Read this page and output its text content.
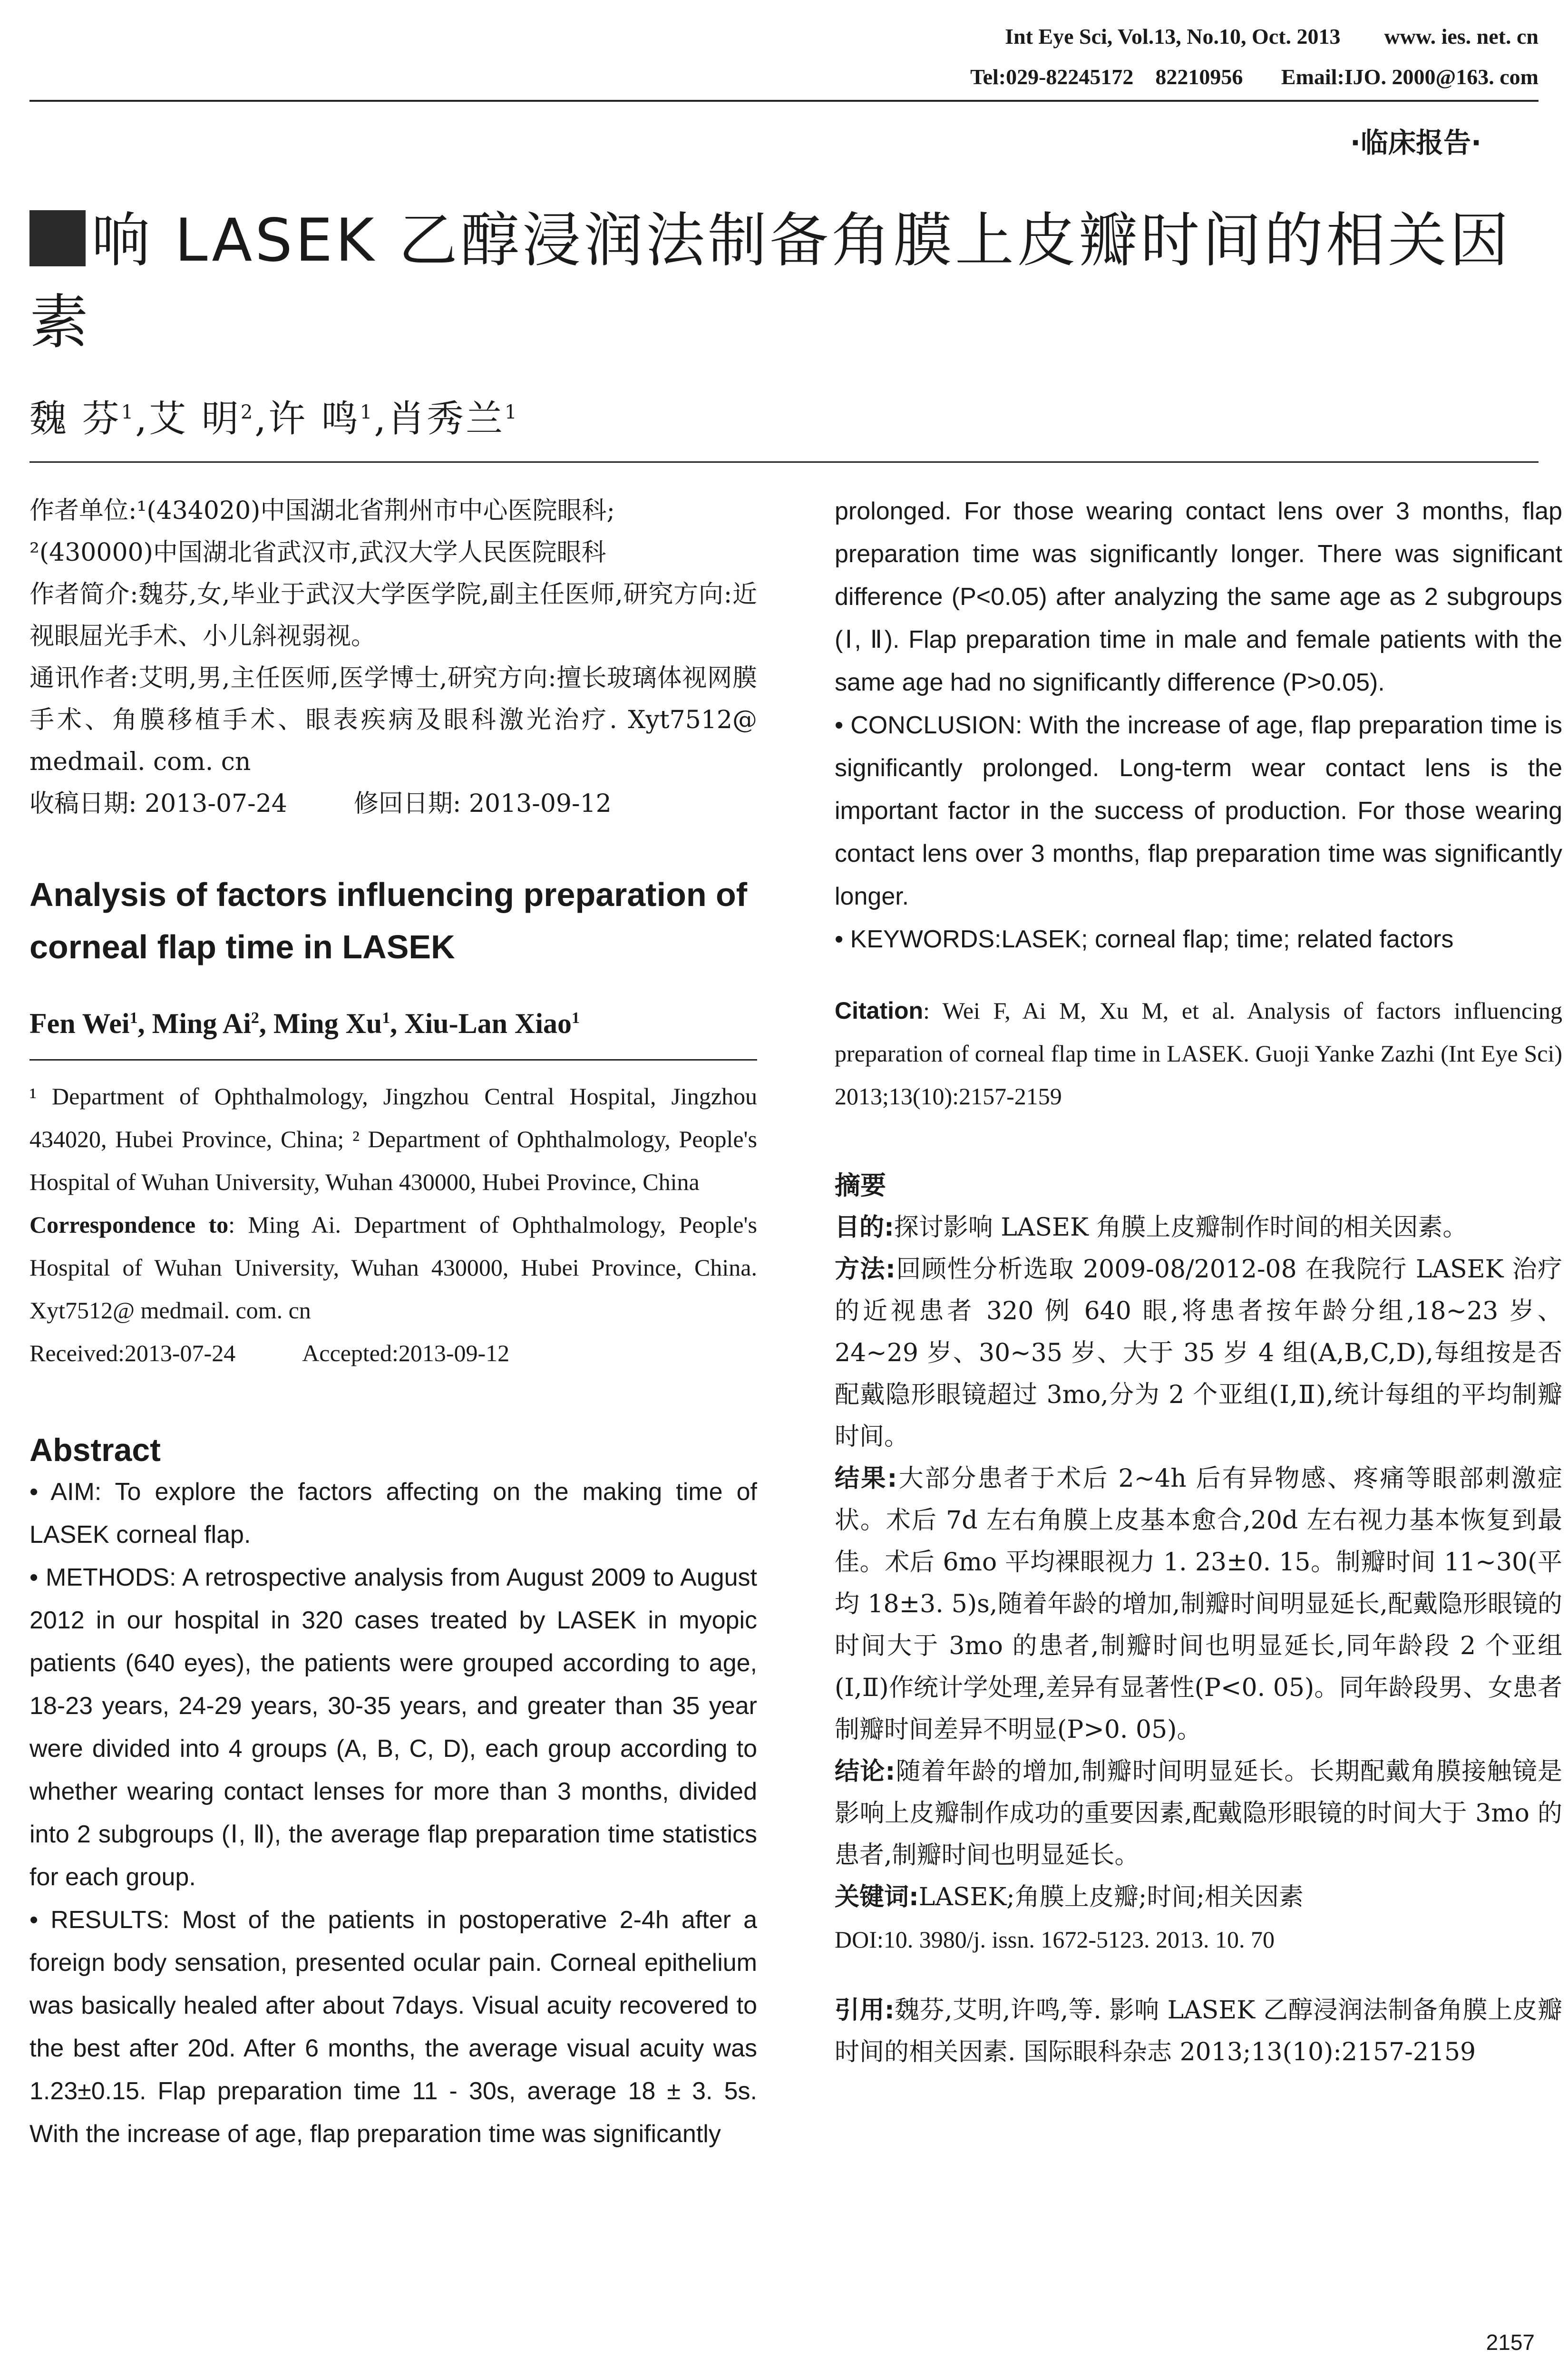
Int Eye Sci, Vol.13, No.10, Oct. 2013        www. ies. net. cn
Tel:029-82245172    82210956       Email:IJO. 2000@163. com
·临床报告·
响 LASEK 乙醇浸润法制备角膜上皮瓣时间的相关因素
魏 芬$^1$,艾 明$^2$,许 鸣$^1$,肖秀兰$^1$

作者单位:¹(434020)中国湖北省荆州市中心医院眼科;

²(430000)中国湖北省武汉市,武汉大学人民医院眼科

作者简介:魏芬,女,毕业于武汉大学医学院,副主任医师,研究方向:近视眼屈光手术、小儿斜视弱视。

通讯作者:艾明,男,主任医师,医学博士,研究方向:擅长玻璃体视网膜手术、角膜移植手术、眼表疾病及眼科激光治疗. Xyt7512@ medmail. com. cn

收稿日期: 2013-07-24	修回日期: 2013-09-12

Analysis of factors influencing preparation of corneal flap time in LASEK
Fen Wei$^1$, Ming Ai$^2$, Ming Xu$^1$, Xiu-Lan Xiao$^1$

¹ Department of Ophthalmology, Jingzhou Central Hospital, Jingzhou 434020, Hubei Province, China; ² Department of Ophthalmology, People's Hospital of Wuhan University, Wuhan 430000, Hubei Province, China

Correspondence to: Ming Ai. Department of Ophthalmology, People's Hospital of Wuhan University, Wuhan 430000, Hubei Province, China. Xyt7512@ medmail. com. cn

Received:2013-07-24	Accepted:2013-09-12

Abstract

• AIM: To explore the factors affecting on the making time of LASEK corneal flap.

• METHODS: A retrospective analysis from August 2009 to August 2012 in our hospital in 320 cases treated by LASEK in myopic patients (640 eyes), the patients were grouped according to age, 18-23 years, 24-29 years, 30-35 years, and greater than 35 year were divided into 4 groups (A, B, C, D), each group according to whether wearing contact lenses for more than 3 months, divided into 2 subgroups (Ⅰ, Ⅱ), the average flap preparation time statistics for each group.

• RESULTS: Most of the patients in postoperative 2-4h after a foreign body sensation, presented ocular pain. Corneal epithelium was basically healed after about 7days. Visual acuity recovered to the best after 20d. After 6 months, the average visual acuity was 1.23±0.15. Flap preparation time 11 - 30s, average 18 ± 3. 5s. With the increase of age, flap preparation time was significantly

prolonged. For those wearing contact lens over 3 months, flap preparation time was significantly longer. There was significant difference (P<0.05) after analyzing the same age as 2 subgroups (Ⅰ, Ⅱ). Flap preparation time in male and female patients with the same age had no significantly difference (P>0.05).

• CONCLUSION: With the increase of age, flap preparation time is significantly prolonged. Long-term wear contact lens is the important factor in the success of production. For those wearing contact lens over 3 months, flap preparation time was significantly longer.

• KEYWORDS:LASEK; corneal flap; time; related factors

Citation: Wei F, Ai M, Xu M, et al. Analysis of factors influencing preparation of corneal flap time in LASEK. Guoji Yanke Zazhi (Int Eye Sci) 2013;13(10):2157-2159

摘要

目的:探讨影响 LASEK 角膜上皮瓣制作时间的相关因素。

方法:回顾性分析选取 2009-08/2012-08 在我院行 LASEK 治疗的近视患者 320 例 640 眼,将患者按年龄分组,18~23 岁、24~29 岁、30~35 岁、大于 35 岁 4 组(A,B,C,D),每组按是否配戴隐形眼镜超过 3mo,分为 2 个亚组(Ⅰ,Ⅱ),统计每组的平均制瓣时间。

结果:大部分患者于术后 2~4h 后有异物感、疼痛等眼部刺激症状。术后 7d 左右角膜上皮基本愈合,20d 左右视力基本恢复到最佳。术后 6mo 平均裸眼视力 1. 23±0. 15。制瓣时间 11~30(平均 18±3. 5)s,随着年龄的增加,制瓣时间明显延长,配戴隐形眼镜的时间大于 3mo 的患者,制瓣时间也明显延长,同年龄段 2 个亚组(Ⅰ,Ⅱ)作统计学处理,差异有显著性(P<0. 05)。同年龄段男、女患者制瓣时间差异不明显(P>0. 05)。

结论:随着年龄的增加,制瓣时间明显延长。长期配戴角膜接触镜是影响上皮瓣制作成功的重要因素,配戴隐形眼镜的时间大于 3mo 的患者,制瓣时间也明显延长。

关键词:LASEK;角膜上皮瓣;时间;相关因素

DOI:10. 3980/j. issn. 1672-5123. 2013. 10. 70

引用:魏芬,艾明,许鸣,等. 影响 LASEK 乙醇浸润法制备角膜上皮瓣时间的相关因素. 国际眼科杂志 2013;13(10):2157-2159

2157
